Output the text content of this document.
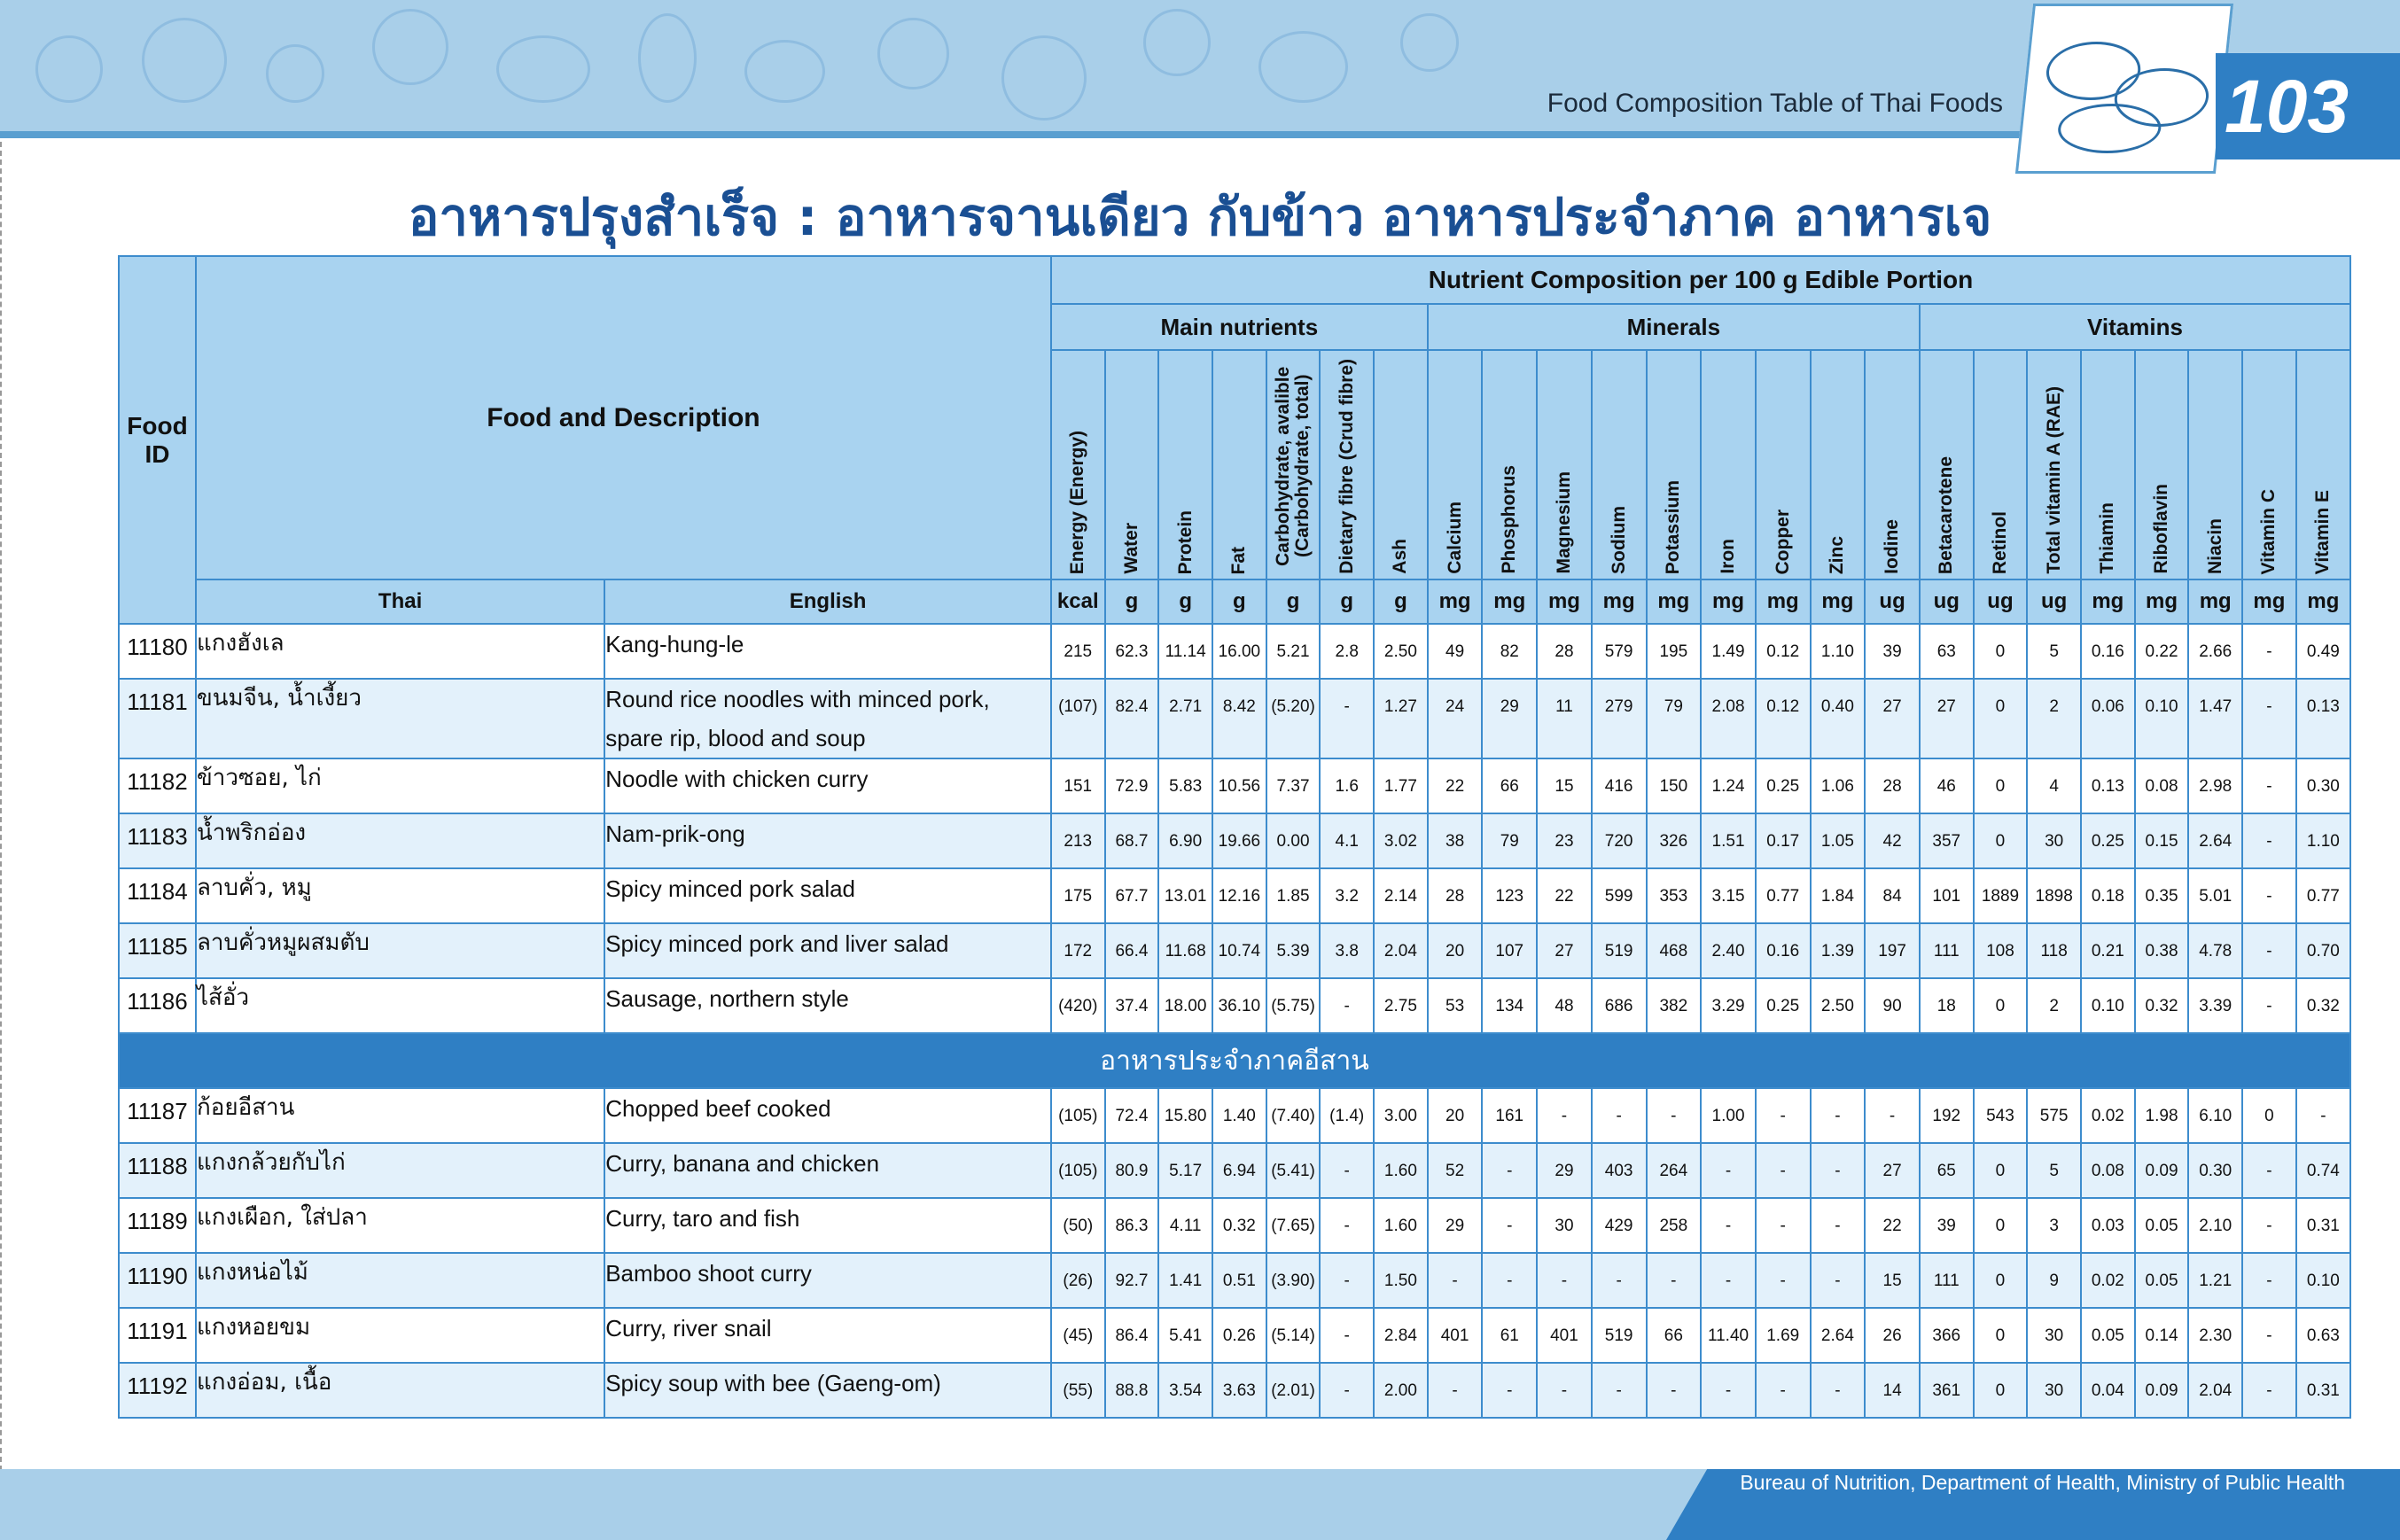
Food Composition Table of Thai Foods	103
อาหารปรุงสำเร็จ : อาหารจานเดียว กับข้าว อาหารประจำภาค อาหารเจ
Food ID	Food and Description		Nutrient Composition per 100 g Edible Portion																							
			Main nutrients							Minerals									Vitamins							
			Energy (Energy)	Water	Protein	Fat	Carbohydrate, avalible (Carbohydrate, total)	Dietary fibre (Crud fibre)	Ash	Calcium	Phosphorus	Magnesium	Sodium	Potassium	Iron	Copper	Zinc	Iodine	Betacarotene	Retinol	Total vitamin A (RAE)	Thiamin	Riboflavin	Niacin	Vitamin C	Vitamin E
	Thai	English	kcal	g	g	g	g	g	g	mg	mg	mg	mg	mg	mg	mg	mg	ug	ug	ug	ug	mg	mg	mg	mg	mg
11180	แกงฮังเล	Kang-hung-le	215	62.3	11.14	16.00	5.21	2.8	2.50	49	82	28	579	195	1.49	0.12	1.10	39	63	0	5	0.16	0.22	2.66	-	0.49
11181	ขนมจีน, น้ำเงี้ยว	Round rice noodles with minced pork, spare rip, blood and soup	(107)	82.4	2.71	8.42	(5.20)	-	1.27	24	29	11	279	79	2.08	0.12	0.40	27	27	0	2	0.06	0.10	1.47	-	0.13
11182	ข้าวซอย, ไก่	Noodle with chicken curry	151	72.9	5.83	10.56	7.37	1.6	1.77	22	66	15	416	150	1.24	0.25	1.06	28	46	0	4	0.13	0.08	2.98	-	0.30
11183	น้ำพริกอ่อง	Nam-prik-ong	213	68.7	6.90	19.66	0.00	4.1	3.02	38	79	23	720	326	1.51	0.17	1.05	42	357	0	30	0.25	0.15	2.64	-	1.10
11184	ลาบคั่ว, หมู	Spicy minced pork salad	175	67.7	13.01	12.16	1.85	3.2	2.14	28	123	22	599	353	3.15	0.77	1.84	84	101	1889	1898	0.18	0.35	5.01	-	0.77
11185	ลาบคั่วหมูผสมตับ	Spicy minced pork and liver salad	172	66.4	11.68	10.74	5.39	3.8	2.04	20	107	27	519	468	2.40	0.16	1.39	197	111	108	118	0.21	0.38	4.78	-	0.70
11186	ไส้อั่ว	Sausage, northern style	(420)	37.4	18.00	36.10	(5.75)	-	2.75	53	134	48	686	382	3.29	0.25	2.50	90	18	0	2	0.10	0.32	3.39	-	0.32
อาหารประจำภาคอีสาน																										
11187	ก้อยอีสาน	Chopped beef cooked	(105)	72.4	15.80	1.40	(7.40)	(1.4)	3.00	20	161	-	-	-	1.00	-	-	-	192	543	575	0.02	1.98	6.10	0	-
11188	แกงกล้วยกับไก่	Curry, banana and chicken	(105)	80.9	5.17	6.94	(5.41)	-	1.60	52	-	29	403	264	-	-	-	27	65	0	5	0.08	0.09	0.30	-	0.74
11189	แกงเผือก, ใส่ปลา	Curry, taro and fish	(50)	86.3	4.11	0.32	(7.65)	-	1.60	29	-	30	429	258	-	-	-	22	39	0	3	0.03	0.05	2.10	-	0.31
11190	แกงหน่อไม้	Bamboo shoot curry	(26)	92.7	1.41	0.51	(3.90)	-	1.50	-	-	-	-	-	-	-	-	15	111	0	9	0.02	0.05	1.21	-	0.10
11191	แกงหอยขม	Curry, river snail	(45)	86.4	5.41	0.26	(5.14)	-	2.84	401	61	401	519	66	11.40	1.69	2.64	26	366	0	30	0.05	0.14	2.30	-	0.63
11192	แกงอ่อม, เนื้อ	Spicy soup with bee (Gaeng-om)	(55)	88.8	3.54	3.63	(2.01)	-	2.00	-	-	-	-	-	-	-	-	14	361	0	30	0.04	0.09	2.04	-	0.31
Bureau of Nutrition, Department of Health, Ministry of Public Health
